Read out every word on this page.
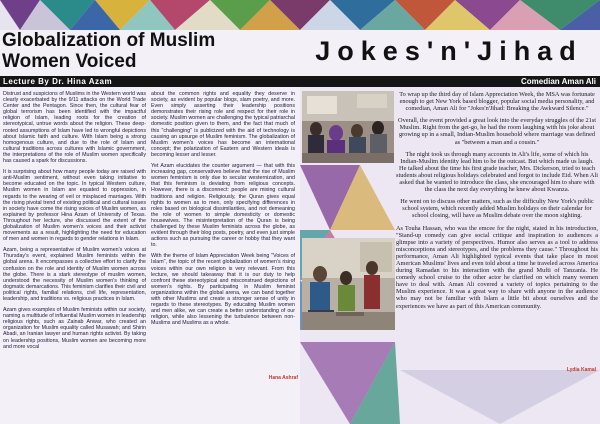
Globalization of Muslim
Women Voiced	Jokes'n'Jihad
Lecture By Dr. Hina Azam	Comedian Aman Ali

Distrust and suspicions of Muslims in the Western world was clearly exacerbated by the 9/11 attacks on the World Trade Center and the Pentagon. Since then, the cultural fear of global terrorism has been identified with the impactful religion of Islam, leading roots for the creation of stereotypical, untrue words about the religion. These deep-rooted assumptions of Islam have led to wrongful depictions about Islamic faith and culture. With Islam being a strong homogenous culture, and due to the role of Islam and cultural traditions across cultures with Islamic government, the interpretations of the role of Muslim women specifically has caused a spark for discussions.

It is surprising about how many people today are raised with anti-Muslim sentiment, without even taking initiative to become educated on the topic. In typical Western culture, Muslim women in Islam are equated to oppression, in regards to the wearing of veil or misplaced marriages. With the rising pivotal trend of existing political and cultural issues in society have come the rising voices of Muslim women, as explained by professor Hina Azam of University of Texas. Throughout her lecture, she discussed the extent of the globalization of Muslim women's voices and their activist movements as a result, highlighting the need for education of men and women in regards to gender relations in Islam.

Azam, being a representative of Muslim women's voices at Thursday's event, explained Muslim feminists within the global arena. It encompasses a collective effort to clarify the confusion on the role and identity of Muslim women across the globe. There is a stark stereotype of muslim women, understood the necessity of Muslim women's thinking of dogmatic demarcations. This feminism clarifies their civil and political rights, familial relations, civil life, representation, leadership, and traditions vs. religious practices in Islam.

Azam gives examples of Muslim feminists within our society, naming a multitude of influential Muslim women in leadership religious rights, such as Zainab Anwar, who created an organization for Muslim equality called Musawah; and Shirin Abadi, an Iranian lawyer and human rights activist. By taking on leadership positions, Muslim women are becoming more and more vocal

about the common rights and equality they deserve in society, as evident by popular blogs, slam poetry, and more. Even simply asserting their leadership positions demonstrates their rising role and respect for their role in society. Muslim women are challenging the typical patriarchal domestic position given to them, and the fact that much of this "challenging" is publicized with the aid of technology is causing an upsurge of Muslim feminism. The globalization of Muslim women's voices has become an international concept; the polarization of Eastern and Western ideals is becoming lesser and lesser.

Yet Azam elucidates the counter argument — that with this increasing gap, conservatives believe that the rise of Muslim women feminism is only due to secular westernization, and that this feminism is deviating from religious concepts. However, there is a disconnect: people are mixing cultural traditions and religion. Religiously, the Quran gives equal rights to women as to men, only specifying differences in roles based on biological dissimilarities, and not demeaning the role of women to simple domesticity or domestic housewives. The misinterpretation of the Quran is being challenged by these Muslim feminists across the globe, as evident through their blog posts, poetry, and even just simple actions such as pursuing the career or hobby that they want to.

With the theme of Islam Appreciation Week being "Voices of Islam", the topic of the recent globalization of women's rising voices within our own religion is very relevant. From this lecture, we should takeaway that it is our duty to help confront these stereotypical and misconstrued depictions of women's rights. By participating in Muslim feminist organizations within the global arena, we can band together with other Muslims and create a stronger sense of unity in regards to these stereotypes. By educating Muslim women and men alike, we can create a better understanding of our religion, while also lessening the turbulence between non-Muslims and Muslims as a whole.

Hana Ashraf

To wrap up the third day of Islam Appreciation Week, the MSA was fortunate enough to get New York based blogger, popular social media personality, and comedian, Aman Ali for "Jokes'n'Jihad: Breaking the Awkward Silence."

Overall, the event provided a great look into the everyday struggles of the 21st Muslim. Right from the get-go, he had the room laughing with his joke about growing up in a small, Indian-Muslim household where marriage was defined as "between a man and a cousin."

The night took us through many accounts in Ali's life, some of which his Indian-Muslim identity lead him to be the outcast. But which made us laugh. He talked about the time his first grade teacher, Mrs. Dickerson, tried to teach students about religious holidays celebrated and forgot to include Eid. When Ali asked that he wanted to introduce the class, she encouraged him to share with the class the next day everything he knew about Kwanza.

He went on to discuss other matters, such as the difficulty New York's public school system, which recently added Muslim holidays on their calendar for school closing, will have as Muslim debate over the moon sighting.

As Touha Hassan, who was the emcee for the night, stated in his introduction, "Stand-up comedy can give social critique and inspiration to audiences a glimpse into a variety of perspectives. Humor also serves as a tool to address misconceptions and stereotypes, and the problems they cause." Throughout his performance, Aman Ali highlighted typical events that take place in most American Muslims' lives and even told about a time he traveled across America during Ramadan to his interaction with the grand Mufti of Tanzania. He comedy school cruise to the other actor he clarified on which many women have to deal with. Aman Ali covered a variety of topics pertaining to the Muslim experience. It was a great way to share with anyone in the audience who may not be familiar with Islam a little bit about ourselves and the experiences we have as part of this American community.

Lydia Kamal
